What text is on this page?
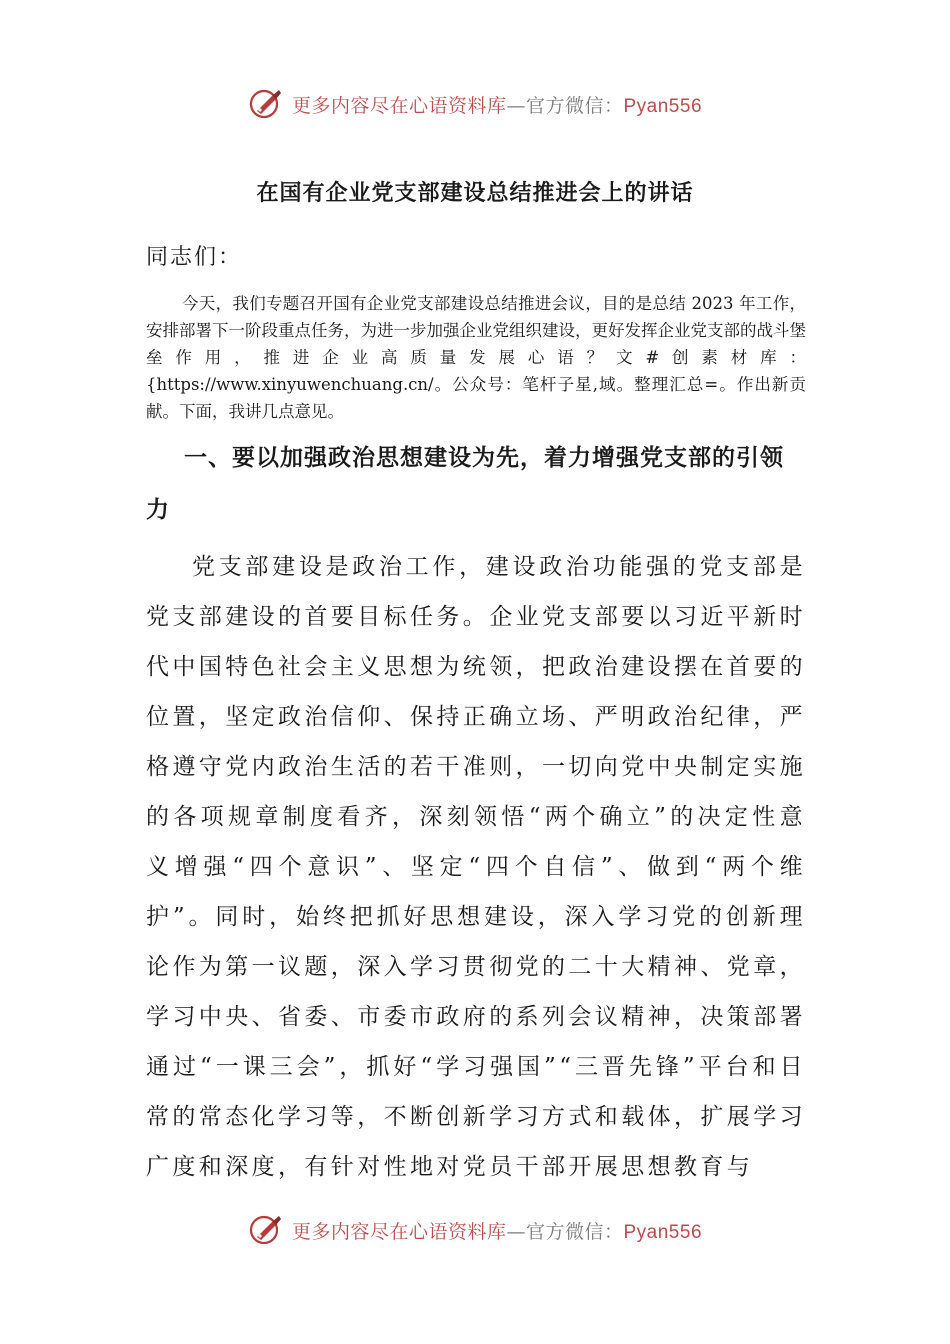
更多内容尽在心语资料库—官方微信：Pyan556
在国有企业党支部建设总结推进会上的讲话
同志们：

今天，我们专题召开国有企业党支部建设总结推进会议，目的是总结 2023 年工作，安排部署下一阶段重点任务，为进一步加强企业党组织建设，更好发挥企业党支部的战斗堡垒作用，推进企业高质量发展心语？文#创素材库：{https://www.xinyuwenchuang.cn/。公众号：笔杆子星,域。整理汇总=。作出新贡献。下面，我讲几点意见。

一、要以加强政治思想建设为先，着力增强党支部的引领力

党支部建设是政治工作，建设政治功能强的党支部是党支部建设的首要目标任务。企业党支部要以习近平新时代中国特色社会主义思想为统领，把政治建设摆在首要的位置，坚定政治信仰、保持正确立场、严明政治纪律，严格遵守党内政治生活的若干准则，一切向党中央制定实施的各项规章制度看齐，深刻领悟“两个确立”的决定性意义增强“四个意识”、坚定“四个自信”、做到“两个维护”。同时，始终把抓好思想建设，深入学习党的创新理论作为第一议题，深入学习贯彻党的二十大精神、党章，学习中央、省委、市委市政府的系列会议精神，决策部署通过“一课三会”，抓好“学习强国”“三晋先锋”平台和日常的常态化学习等，不断创新学习方式和载体，扩展学习广度和深度，有针对性地对党员干部开展思想教育与

更多内容尽在心语资料库—官方微信：Pyan556
